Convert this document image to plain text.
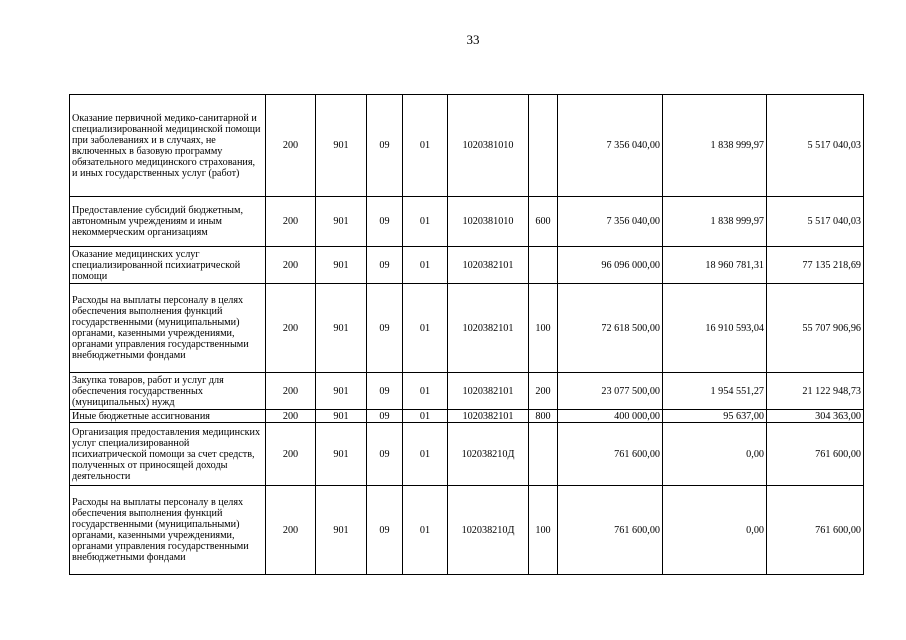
33
Оказание первичной медико-санитарной и специализированной медицинской помощи при заболеваниях и в случаях, не включенных в базовую программу обязательного медицинского страхования, и иных государственных услуг (работ)	200	901	09	01	1020381010		7 356 040,00	1 838 999,97	5 517 040,03
Предоставление субсидий бюджетным, автономным учреждениям и иным некоммерческим организациям	200	901	09	01	1020381010	600	7 356 040,00	1 838 999,97	5 517 040,03
Оказание медицинских услуг специализированной психиатрической помощи	200	901	09	01	1020382101		96 096 000,00	18 960 781,31	77 135 218,69
Расходы на выплаты персоналу в целях обеспечения выполнения функций государственными (муниципальными) органами, казенными учреждениями, органами управления государственными внебюджетными фондами	200	901	09	01	1020382101	100	72 618 500,00	16 910 593,04	55 707 906,96
Закупка товаров, работ и услуг для обеспечения государственных (муниципальных) нужд	200	901	09	01	1020382101	200	23 077 500,00	1 954 551,27	21 122 948,73
Иные бюджетные ассигнования	200	901	09	01	1020382101	800	400 000,00	95 637,00	304 363,00
Организация предоставления медицинских услуг специализированной психиатрической помощи за счет средств, полученных от приносящей доходы деятельности	200	901	09	01	102038210Д		761 600,00	0,00	761 600,00
Расходы на выплаты персоналу в целях обеспечения выполнения функций государственными (муниципальными) органами, казенными учреждениями, органами управления государственными внебюджетными фондами	200	901	09	01	102038210Д	100	761 600,00	0,00	761 600,00
